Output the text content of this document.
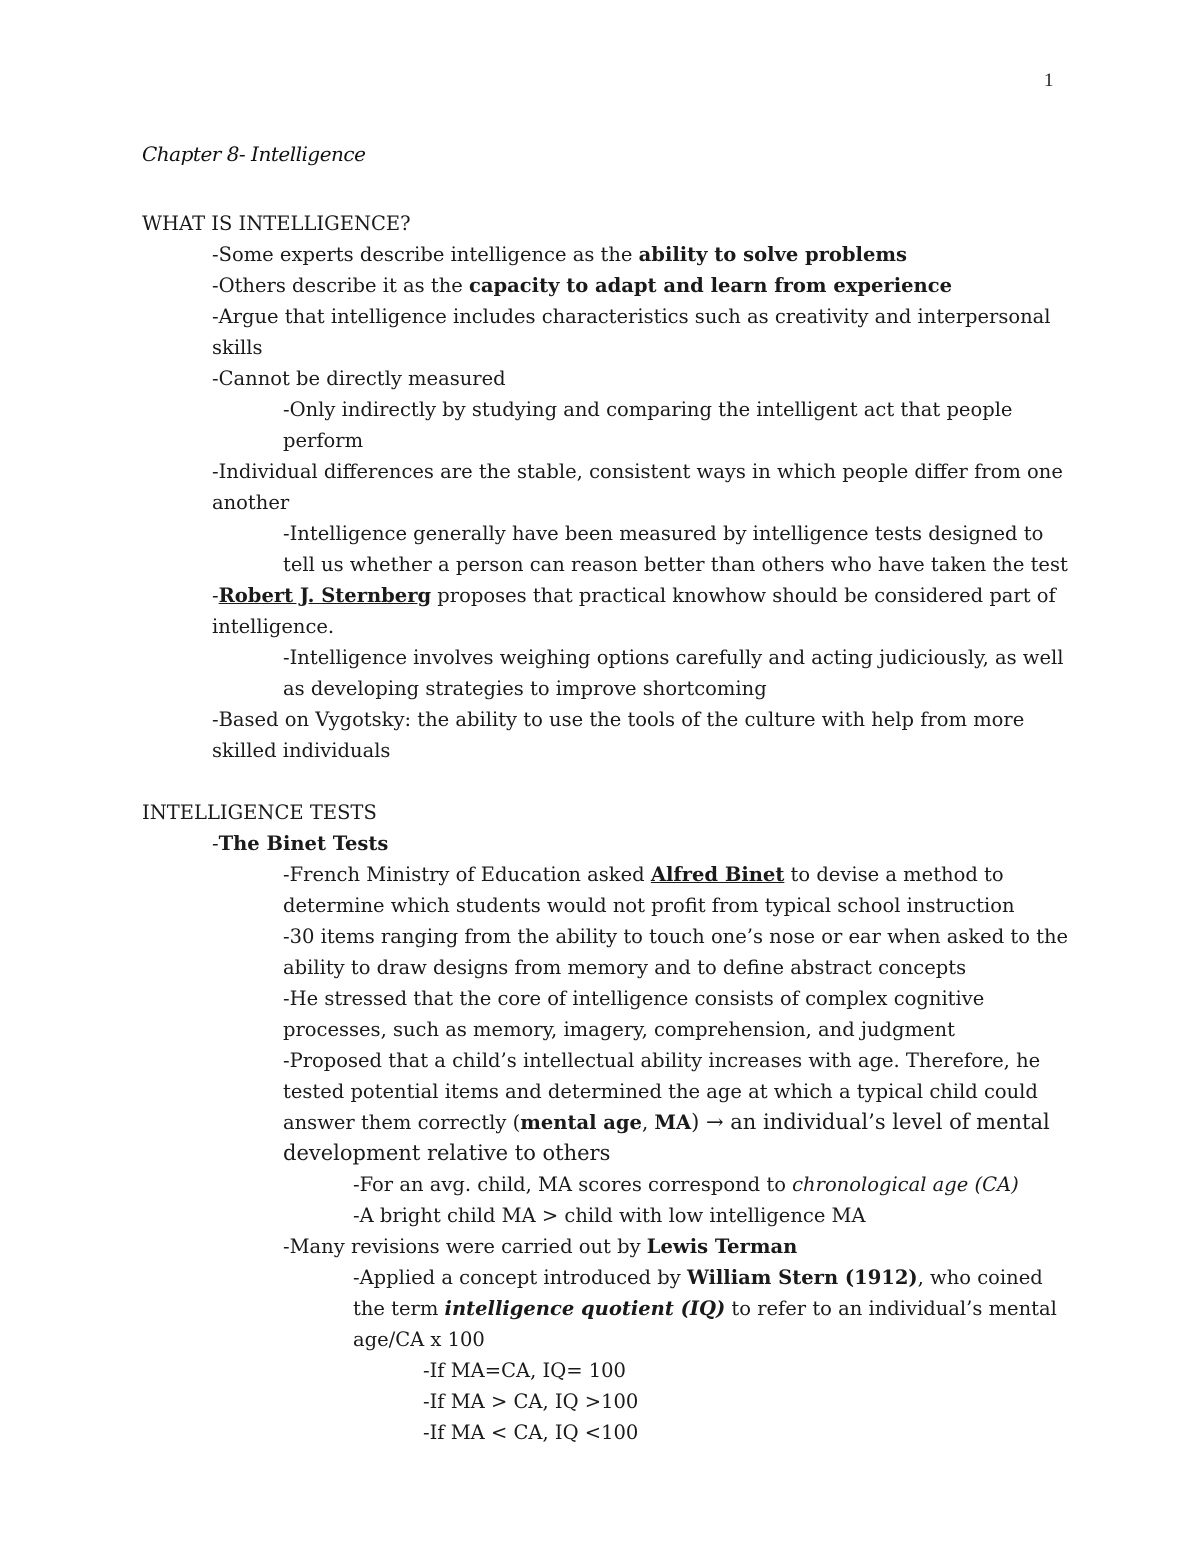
1
Chapter 8- Intelligence
WHAT IS INTELLIGENCE?
-Some experts describe intelligence as the ability to solve problems
-Others describe it as the capacity to adapt and learn from experience
-Argue that intelligence includes characteristics such as creativity and interpersonal skills
-Cannot be directly measured
-Only indirectly by studying and comparing the intelligent act that people perform
-Individual differences are the stable, consistent ways in which people differ from one another
-Intelligence generally have been measured by intelligence tests designed to tell us whether a person can reason better than others who have taken the test
-Robert J. Sternberg proposes that practical knowhow should be considered part of intelligence.
-Intelligence involves weighing options carefully and acting judiciously, as well as developing strategies to improve shortcoming
-Based on Vygotsky: the ability to use the tools of the culture with help from more skilled individuals
INTELLIGENCE TESTS
-The Binet Tests
-French Ministry of Education asked Alfred Binet to devise a method to determine which students would not profit from typical school instruction
-30 items ranging from the ability to touch one’s nose or ear when asked to the ability to draw designs from memory and to define abstract concepts
-He stressed that the core of intelligence consists of complex cognitive processes, such as memory, imagery, comprehension, and judgment
-Proposed that a child’s intellectual ability increases with age. Therefore, he tested potential items and determined the age at which a typical child could answer them correctly (mental age, MA) → an individual’s level of mental development relative to others
-For an avg. child, MA scores correspond to chronological age (CA)
-A bright child MA > child with low intelligence MA
-Many revisions were carried out by Lewis Terman
-Applied a concept introduced by William Stern (1912), who coined the term intelligence quotient (IQ) to refer to an individual’s mental age/CA x 100
-If MA=CA, IQ= 100
-If MA > CA, IQ >100
-If MA < CA, IQ <100
